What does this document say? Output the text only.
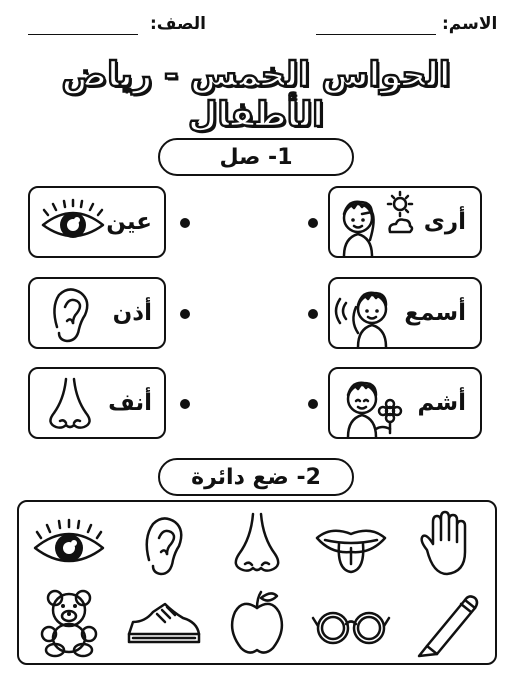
الاسم:
الصف:
الحواس الخمس - رياض الأطفال
1- صل
عين
أذن
أنف
أرى
أسمع
أشم
2- ضع دائرة
